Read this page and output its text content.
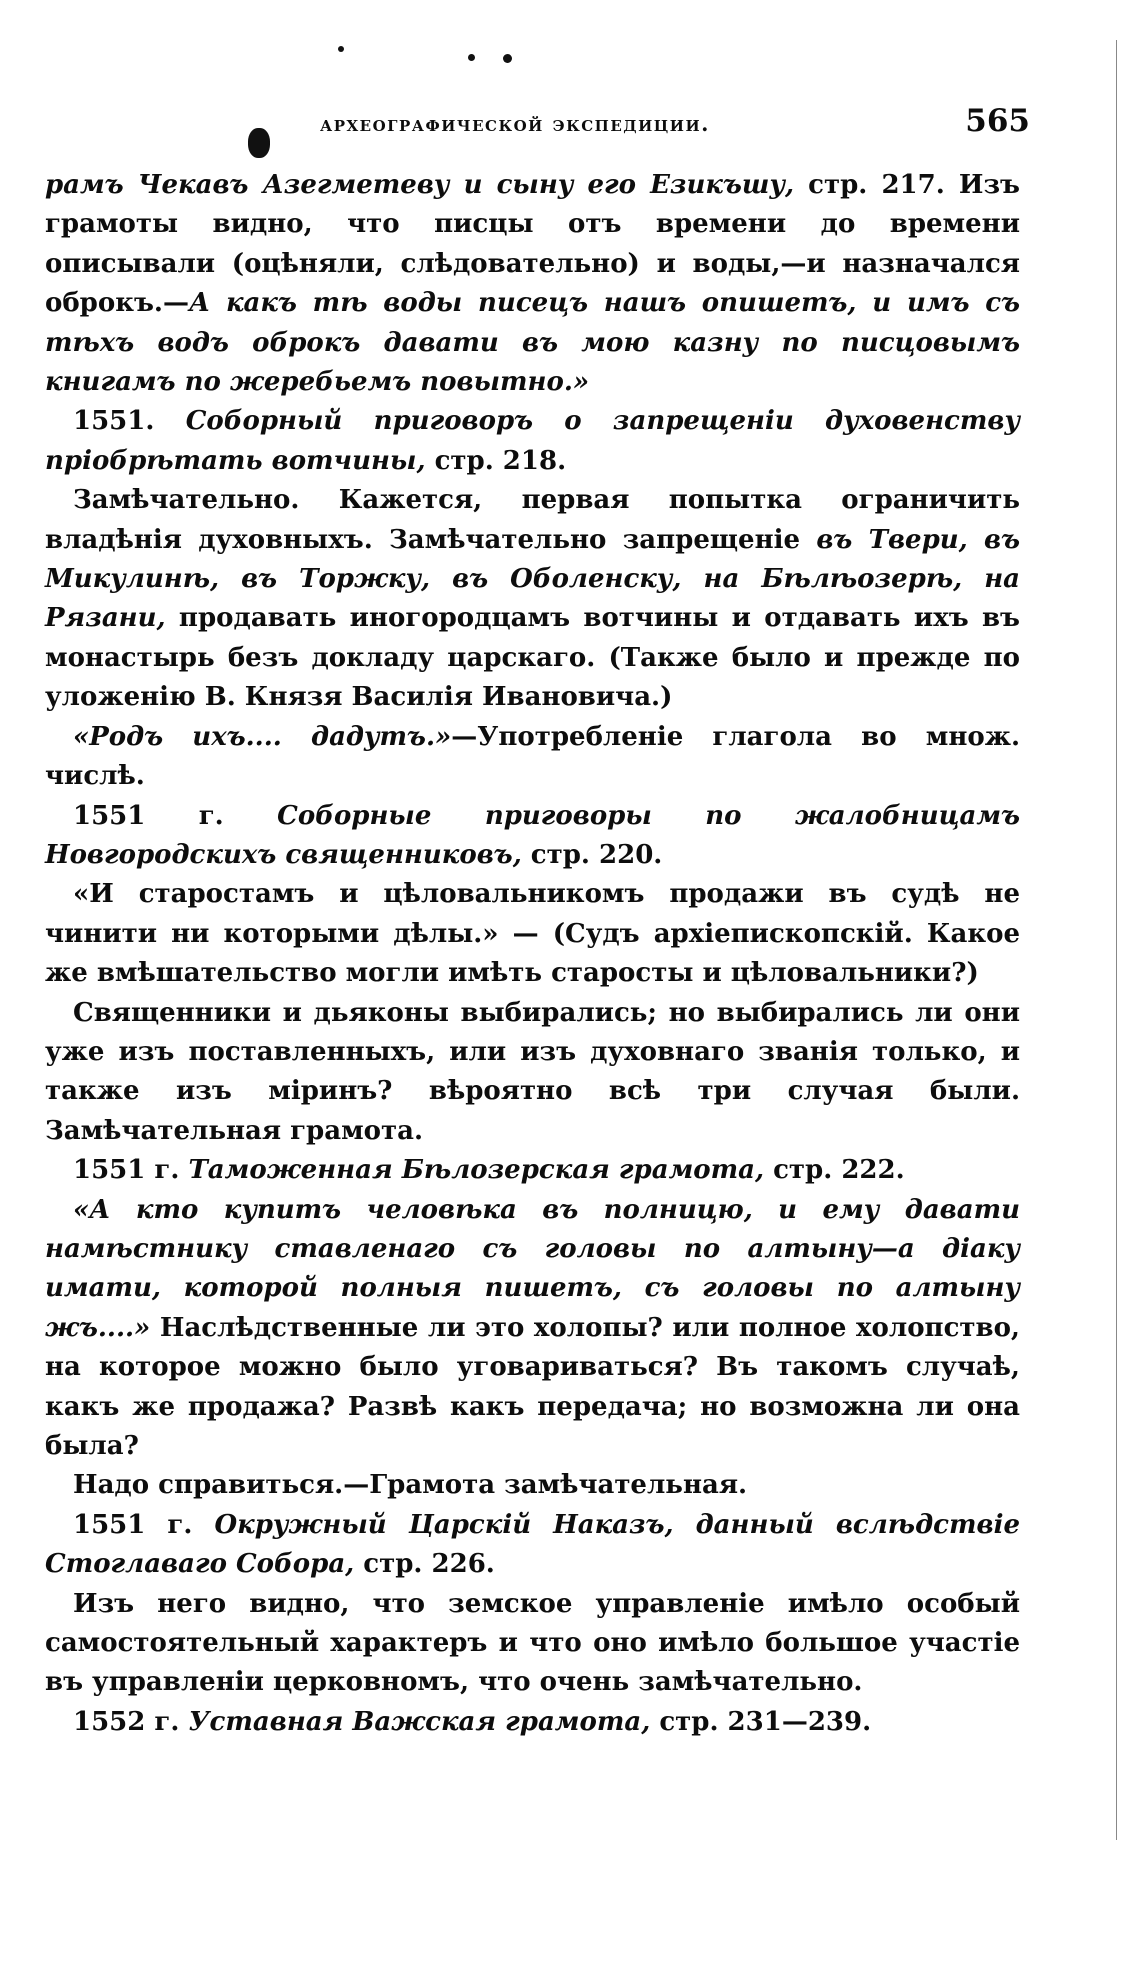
археографической экспедиции.	565

рамъ Чекавъ Азегметеву и сыну его Езикъшу, стр. 217. Изъ грамоты видно, что писцы отъ времени до времени описывали (оцѣняли, слѣдовательно) и воды,—и назначался оброкъ.—А какъ тѣ воды писецъ нашъ опишетъ, и имъ съ тѣхъ водъ оброкъ давати въ мою казну по писцовымъ книгамъ по жеребьемъ повытно.»

1551. Соборный приговоръ о запрещеніи духовенству пріобрѣтать вотчины, стр. 218.

Замѣчательно. Кажется, первая попытка ограничить владѣнія духовныхъ. Замѣчательно запрещеніе въ Твери, въ Микулинѣ, въ Торжку, въ Оболенску, на Бѣлѣозерѣ, на Рязани, продавать иногородцамъ вотчины и отдавать ихъ въ монастырь безъ докладу царскаго. (Также было и прежде по уложенію В. Князя Василія Ивановича.)

«Родъ ихъ.... дадутъ.»—Употребленіе глагола во множ. числѣ.

1551 г. Соборные приговоры по жалобницамъ Новгородскихъ священниковъ, стр. 220.

«И старостамъ и цѣловальникомъ продажи въ судѣ не чинити ни которыми дѣлы.» — (Судъ архіепископскій. Какое же вмѣшательство могли имѣть старосты и цѣловальники?)

Священники и дьяконы выбирались; но выбирались ли они уже изъ поставленныхъ, или изъ духовнаго званія только, и также изъ міринъ? вѣроятно всѣ три случая были. Замѣчательная грамота.

1551 г. Таможенная Бѣлозерская грамота, стр. 222.

«А кто купитъ человѣка въ полницю, и ему давати намѣстнику ставленаго съ головы по алтыну—а діаку имати, которой полныя пишетъ, съ головы по алтыну жъ....» Наслѣдственные ли это холопы? или полное холопство, на которое можно было уговариваться? Въ такомъ случаѣ, какъ же продажа? Развѣ какъ передача; но возможна ли она была?

Надо справиться.—Грамота замѣчательная.

1551 г. Окружный Царскій Наказъ, данный вслѣдствіе Стоглаваго Собора, стр. 226.

Изъ него видно, что земское управленіе имѣло особый самостоятельный характеръ и что оно имѣло большое участіе въ управленіи церковномъ, что очень замѣчательно.

1552 г. Уставная Важская грамота, стр. 231—239.
